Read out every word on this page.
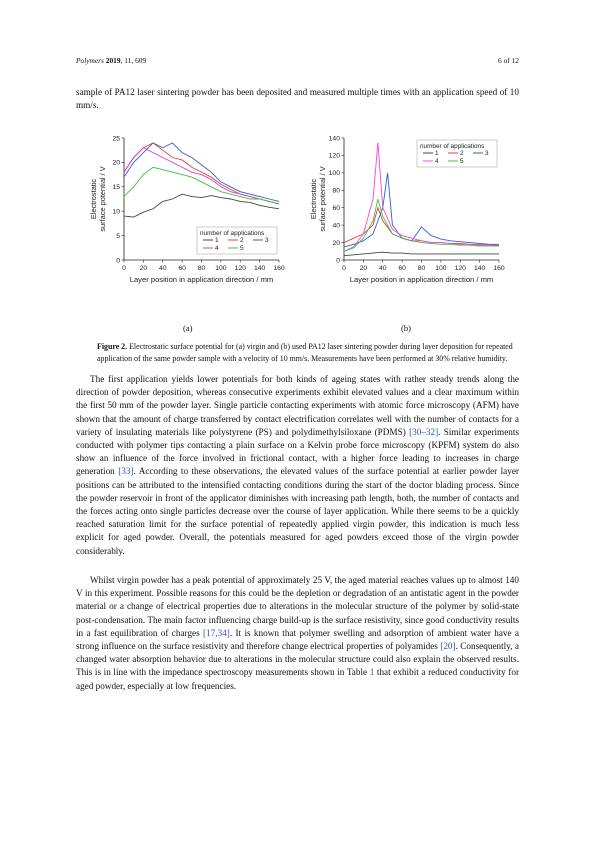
Polymers 2019, 11, 609	6 of 12

sample of PA12 laser sintering powder has been deposited and measured multiple times with an application speed of 10 mm/s.

0 20 40 60 80 100 120 140 160
0
5
10
15
20
25
Layer position in application direction / mm
Electrostatic surface potential / V
number of applications
1	2	3
4	5
0 20 40 60 80 100 120 140 160
0
20
40
60
80
100
120
140
Layer position in application direction / mm
Electrostatic surface potential / V
number of applications
1	2	3
4	5
(a)	(b)

Figure 2. Electrostatic surface potential for (a) virgin and (b) used PA12 laser sintering powder during layer deposition for repeated application of the same powder sample with a velocity of 10 mm/s. Measurements have been performed at 30% relative humidity.

The first application yields lower potentials for both kinds of ageing states with rather steady trends along the direction of powder deposition, whereas consecutive experiments exhibit elevated values and a clear maximum within the first 50 mm of the powder layer. Single particle contacting experiments with atomic force microscopy (AFM) have shown that the amount of charge transferred by contact electrification correlates well with the number of contacts for a variety of insulating materials like polystyrene (PS) and polydimethylsiloxane (PDMS) [30–32]. Similar experiments conducted with polymer tips contacting a plain surface on a Kelvin probe force microscopy (KPFM) system do also show an influence of the force involved in frictional contact, with a higher force leading to increases in charge generation [33]. According to these observations, the elevated values of the surface potential at earlier powder layer positions can be attributed to the intensified contacting conditions during the start of the doctor blading process. Since the powder reservoir in front of the applicator diminishes with increasing path length, both, the number of contacts and the forces acting onto single particles decrease over the course of layer application. While there seems to be a quickly reached saturation limit for the surface potential of repeatedly applied virgin powder, this indication is much less explicit for aged powder. Overall, the potentials measured for aged powders exceed those of the virgin powder considerably.

Whilst virgin powder has a peak potential of approximately 25 V, the aged material reaches values up to almost 140 V in this experiment. Possible reasons for this could be the depletion or degradation of an antistatic agent in the powder material or a change of electrical properties due to alterations in the molecular structure of the polymer by solid-state post-condensation. The main factor influencing charge build-up is the surface resistivity, since good conductivity results in a fast equilibration of charges [17,34]. It is known that polymer swelling and adsorption of ambient water have a strong influence on the surface resistivity and therefore change electrical properties of polyamides [20]. Consequently, a changed water absorption behavior due to alterations in the molecular structure could also explain the observed results. This is in line with the impedance spectroscopy measurements shown in Table 1 that exhibit a reduced conductivity for aged powder, especially at low frequencies.
